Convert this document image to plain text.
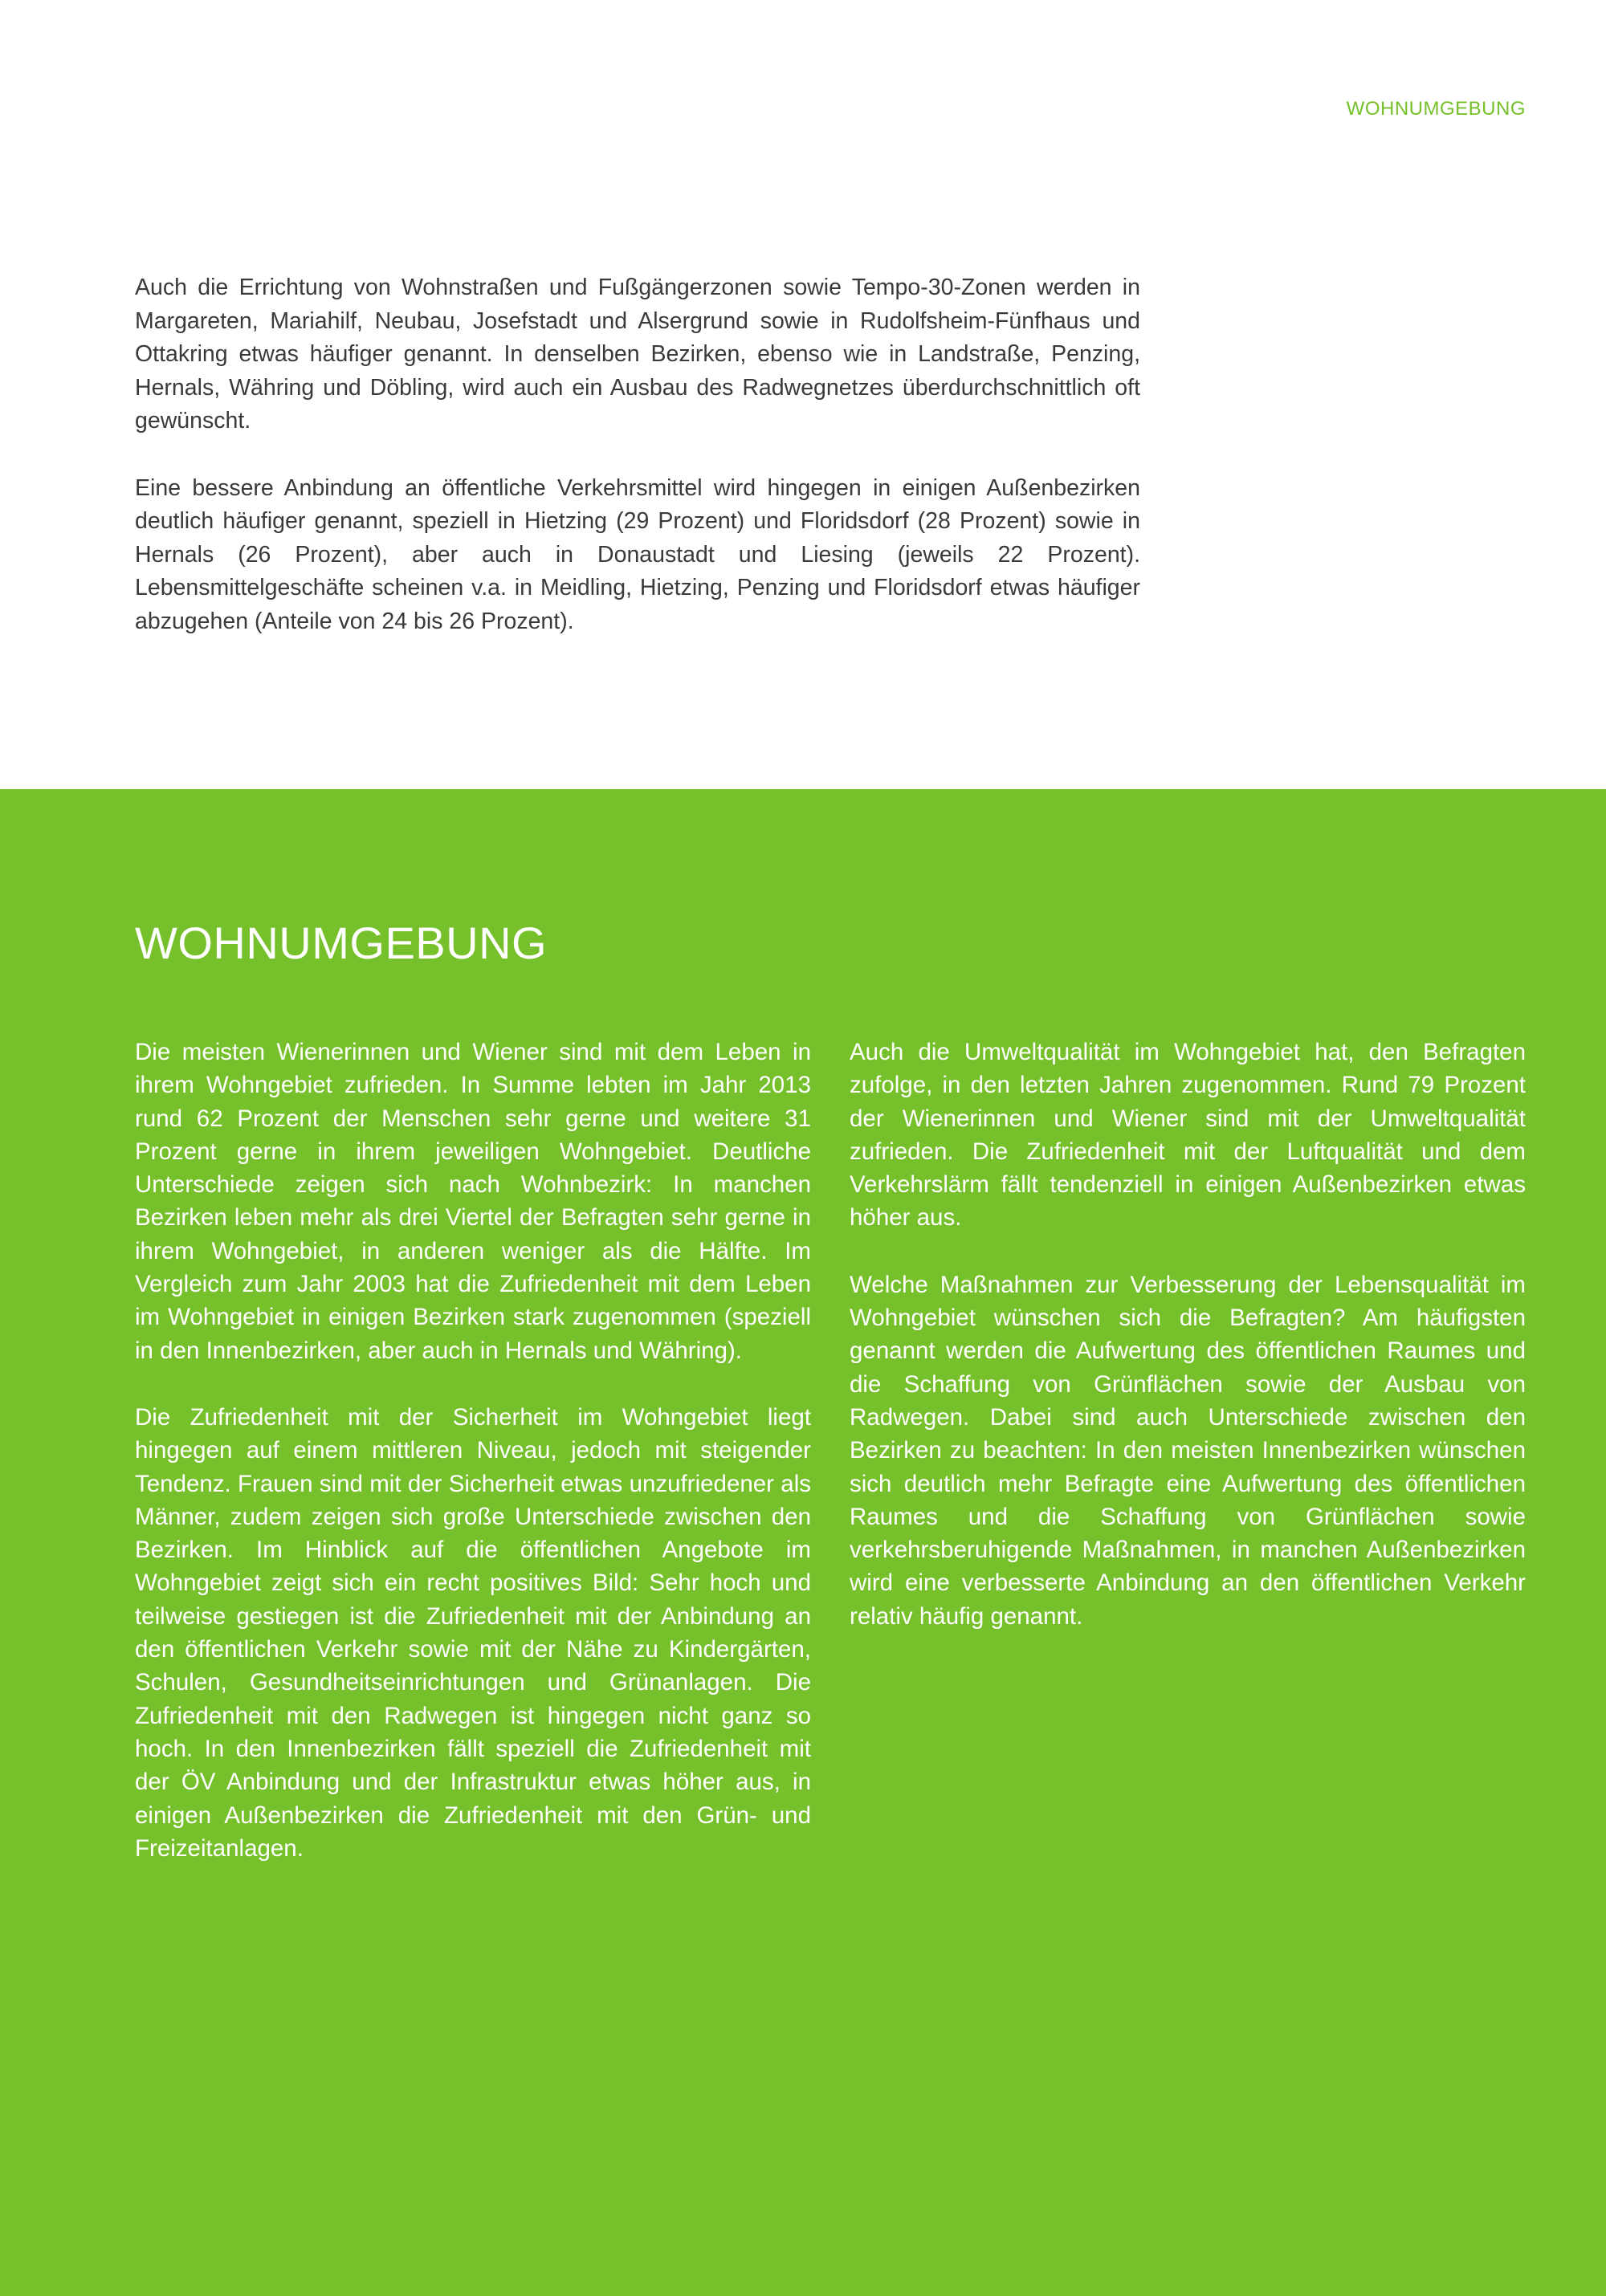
WOHNUMGEBUNG

Auch die Errichtung von Wohnstraßen und Fußgängerzonen sowie Tempo-30-Zonen werden in Margareten, Mariahilf, Neubau, Josefstadt und Alsergrund sowie in Rudolfsheim-Fünfhaus und Ottakring etwas häufiger genannt. In denselben Bezirken, ebenso wie in Landstraße, Penzing, Hernals, Währing und Döbling, wird auch ein Ausbau des Radwegnetzes überdurchschnittlich oft gewünscht.

Eine bessere Anbindung an öffentliche Verkehrsmittel wird hingegen in einigen Außenbezirken deutlich häufiger genannt, speziell in Hietzing (29 Prozent) und Floridsdorf (28 Prozent) sowie in Hernals (26 Prozent), aber auch in Donaustadt und Liesing (jeweils 22 Prozent). Lebensmittelgeschäfte scheinen v.a. in Meidling, Hietzing, Penzing und Floridsdorf etwas häufiger abzugehen (Anteile von 24 bis 26 Prozent).

WOHNUMGEBUNG

Die meisten Wienerinnen und Wiener sind mit dem Leben in ihrem Wohngebiet zufrieden. In Summe lebten im Jahr 2013 rund 62 Prozent der Menschen sehr gerne und weitere 31 Prozent gerne in ihrem jeweiligen Wohngebiet. Deutliche Unterschiede zeigen sich nach Wohnbezirk: In manchen Bezirken leben mehr als drei Viertel der Befragten sehr gerne in ihrem Wohngebiet, in anderen weniger als die Hälfte. Im Vergleich zum Jahr 2003 hat die Zufriedenheit mit dem Leben im Wohngebiet in einigen Bezirken stark zugenommen (speziell in den Innenbezirken, aber auch in Hernals und Währing).

Die Zufriedenheit mit der Sicherheit im Wohngebiet liegt hingegen auf einem mittleren Niveau, jedoch mit steigender Tendenz. Frauen sind mit der Sicherheit etwas unzufriedener als Männer, zudem zeigen sich große Unterschiede zwischen den Bezirken. Im Hinblick auf die öffentlichen Angebote im Wohngebiet zeigt sich ein recht positives Bild: Sehr hoch und teilweise gestiegen ist die Zufriedenheit mit der Anbindung an den öffentlichen Verkehr sowie mit der Nähe zu Kindergärten, Schulen, Gesundheitseinrichtungen und Grünanlagen. Die Zufriedenheit mit den Radwegen ist hingegen nicht ganz so hoch. In den Innenbezirken fällt speziell die Zufriedenheit mit der ÖV Anbindung und der Infrastruktur etwas höher aus, in einigen Außenbezirken die Zufriedenheit mit den Grün- und Freizeitanlagen.

Auch die Umweltqualität im Wohngebiet hat, den Befragten zufolge, in den letzten Jahren zugenommen. Rund 79 Prozent der Wienerinnen und Wiener sind mit der Umweltqualität zufrieden. Die Zufriedenheit mit der Luftqualität und dem Verkehrslärm fällt tendenziell in einigen Außenbezirken etwas höher aus.

Welche Maßnahmen zur Verbesserung der Lebensqualität im Wohngebiet wünschen sich die Befragten? Am häufigsten genannt werden die Aufwertung des öffentlichen Raumes und die Schaffung von Grünflächen sowie der Ausbau von Radwegen. Dabei sind auch Unterschiede zwischen den Bezirken zu beachten: In den meisten Innenbezirken wünschen sich deutlich mehr Befragte eine Aufwertung des öffentlichen Raumes und die Schaffung von Grünflächen sowie verkehrsberuhigende Maßnahmen, in manchen Außenbezirken wird eine verbesserte Anbindung an den öffentlichen Verkehr relativ häufig genannt.
